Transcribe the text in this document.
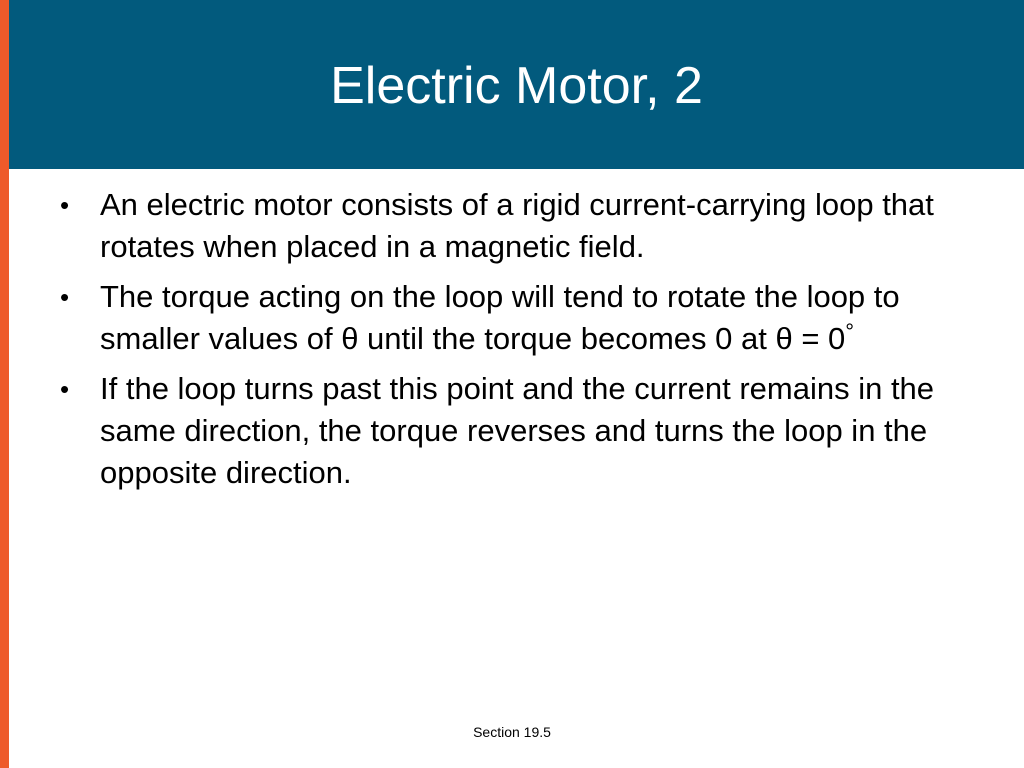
Electric Motor, 2
• An electric motor consists of a rigid current-carrying loop that rotates when placed in a magnetic field.
• The torque acting on the loop will tend to rotate the loop to smaller values of θ until the torque becomes 0 at θ = 0°
• If the loop turns past this point and the current remains in the same direction, the torque reverses and turns the loop in the opposite direction.
Section 19.5
